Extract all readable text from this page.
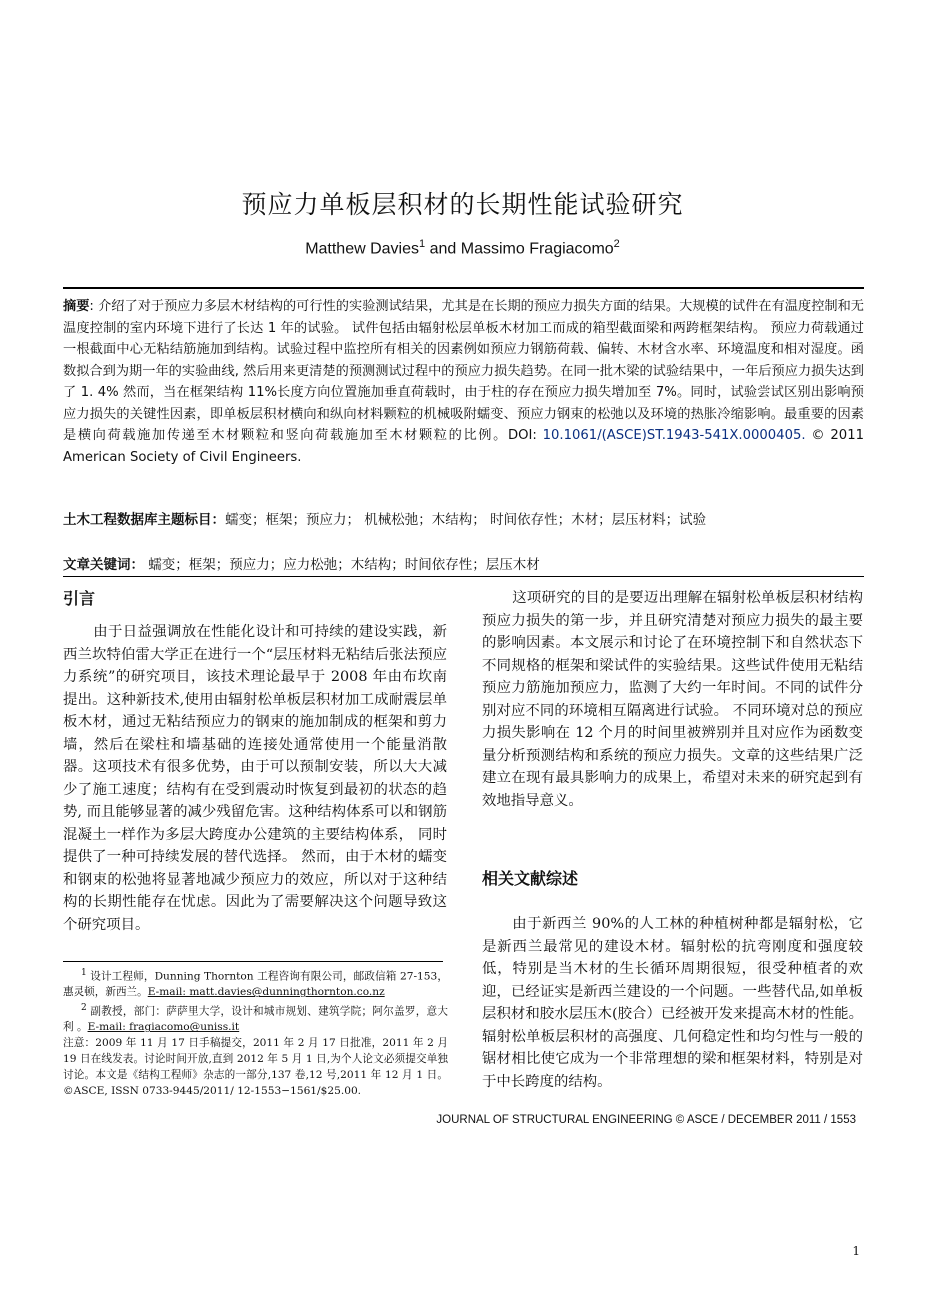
预应力单板层积材的长期性能试验研究
Matthew Davies$^1$ and Massimo Fragiacomo$^2$
摘要: 介绍了对于预应力多层木材结构的可行性的实验测试结果，尤其是在长期的预应力损失方面的结果。大规模的试件在有温度控制和无温度控制的室内环境下进行了长达 1 年的试验。 试件包括由辐射松层单板木材加工而成的箱型截面梁和两跨框架结构。 预应力荷载通过一根截面中心无粘结筋施加到结构。试验过程中监控所有相关的因素例如预应力钢筋荷载、偏转、木材含水率、环境温度和相对湿度。函数拟合到为期一年的实验曲线, 然后用来更清楚的预测测试过程中的预应力损失趋势。在同一批木梁的试验结果中，一年后预应力损失达到了 1. 4% 然而，当在框架结构 11%长度方向位置施加垂直荷载时，由于柱的存在预应力损失增加至 7%。同时，试验尝试区别出影响预应力损失的关键性因素，即单板层积材横向和纵向材料颗粒的机械吸附蠕变、预应力钢束的松弛以及环境的热胀冷缩影响。最重要的因素是横向荷载施加传递至木材颗粒和竖向荷载施加至木材颗粒的比例。DOI: 10.1061/(ASCE)ST.1943-541X.0000405. © 2011 American Society of Civil Engineers.
土木工程数据库主题标目：蠕变；框架；预应力； 机械松弛；木结构； 时间依存性；木材；层压材料；试验
文章关键词： 蠕变；框架；预应力；应力松弛；木结构；时间依存性；层压木材
引言

由于日益强调放在性能化设计和可持续的建设实践，新西兰坎特伯雷大学正在进行一个“层压材料无粘结后张法预应力系统”的研究项目，该技术理论最早于 2008 年由布坎南提出。这种新技术,使用由辐射松单板层积材加工成耐震层单板木材，通过无粘结预应力的钢束的施加制成的框架和剪力墙，然后在梁柱和墙基础的连接处通常使用一个能量消散器。这项技术有很多优势，由于可以预制安装，所以大大减少了施工速度；结构有在受到震动时恢复到最初的状态的趋势, 而且能够显著的减少残留危害。这种结构体系可以和钢筋混凝土一样作为多层大跨度办公建筑的主要结构体系， 同时提供了一种可持续发展的替代选择。 然而，由于木材的蠕变和钢束的松弛将显著地减少预应力的效应，所以对于这种结构的长期性能存在忧虑。因此为了需要解决这个问题导致这个研究项目。

$^1$ 设计工程师，Dunning Thornton 工程咨询有限公司，邮政信箱 27-153，惠灵顿，新西兰。E-mail: matt.davies@dunningthornton.co.nz

$^2$ 副教授，部门：萨萨里大学，设计和城市规划、建筑学院；阿尔盖罗，意大利 。E-mail: fragiacomo@uniss.it

注意：2009 年 11 月 17 日手稿提交，2011 年 2 月 17 日批准，2011 年 2 月 19 日在线发表。讨论时间开放,直到 2012 年 5 月 1 日,为个人论文必须提交单独讨论。本文是《结构工程师》杂志的一部分,137 卷,12 号,2011 年 12 月 1 日。©ASCE, ISSN 0733-9445/2011/ 12-1553−1561/$25.00.

这项研究的目的是要迈出理解在辐射松单板层积材结构预应力损失的第一步，并且研究清楚对预应力损失的最主要的影响因素。本文展示和讨论了在环境控制下和自然状态下不同规格的框架和梁试件的实验结果。这些试件使用无粘结预应力筋施加预应力，监测了大约一年时间。不同的试件分别对应不同的环境相互隔离进行试验。 不同环境对总的预应力损失影响在 12 个月的时间里被辨别并且对应作为函数变量分析预测结构和系统的预应力损失。文章的这些结果广泛建立在现有最具影响力的成果上，希望对未来的研究起到有效地指导意义。

相关文献综述

由于新西兰 90%的人工林的种植树种都是辐射松，它是新西兰最常见的建设木材。辐射松的抗弯刚度和强度较低，特别是当木材的生长循环周期很短，很受种植者的欢迎，已经证实是新西兰建设的一个问题。一些替代品,如单板层积材和胶水层压木(胶合）已经被开发来提高木材的性能。辐射松单板层积材的高强度、几何稳定性和均匀性与一般的锯材相比使它成为一个非常理想的梁和框架材料，特别是对于中长跨度的结构。

JOURNAL OF STRUCTURAL ENGINEERING © ASCE / DECEMBER 2011 / 1553
1
